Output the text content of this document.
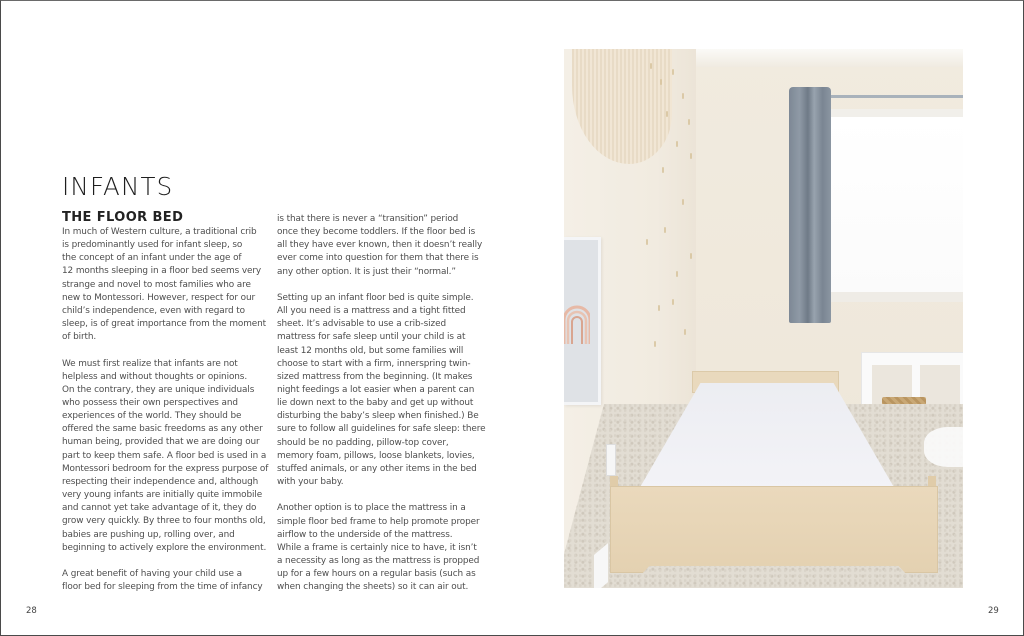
INFANTS
THE FLOOR BED

In much of Western culture, a traditional crib
is predominantly used for infant sleep, so
the concept of an infant under the age of
12 months sleeping in a floor bed seems very
strange and novel to most families who are
new to Montessori. However, respect for our
child’s independence, even with regard to
sleep, is of great importance from the moment
of birth.

We must first realize that infants are not
helpless and without thoughts or opinions.
On the contrary, they are unique individuals
who possess their own perspectives and
experiences of the world. They should be
offered the same basic freedoms as any other
human being, provided that we are doing our
part to keep them safe. A floor bed is used in a
Montessori bedroom for the express purpose of
respecting their independence and, although
very young infants are initially quite immobile
and cannot yet take advantage of it, they do
grow very quickly. By three to four months old,
babies are pushing up, rolling over, and
beginning to actively explore the environment.

A great benefit of having your child use a
floor bed for sleeping from the time of infancy

is that there is never a “transition” period
once they become toddlers. If the floor bed is
all they have ever known, then it doesn’t really
ever come into question for them that there is
any other option. It is just their “normal.”

Setting up an infant floor bed is quite simple.
All you need is a mattress and a tight fitted
sheet. It’s advisable to use a crib-sized
mattress for safe sleep until your child is at
least 12 months old, but some families will
choose to start with a firm, innerspring twin-
sized mattress from the beginning. (It makes
night feedings a lot easier when a parent can
lie down next to the baby and get up without
disturbing the baby’s sleep when finished.) Be
sure to follow all guidelines for safe sleep: there
should be no padding, pillow-top cover,
memory foam, pillows, loose blankets, lovies,
stuffed animals, or any other items in the bed
with your baby.

Another option is to place the mattress in a
simple floor bed frame to help promote proper
airflow to the underside of the mattress.
While a frame is certainly nice to have, it isn’t
a necessity as long as the mattress is propped
up for a few hours on a regular basis (such as
when changing the sheets) so it can air out.

28	29
